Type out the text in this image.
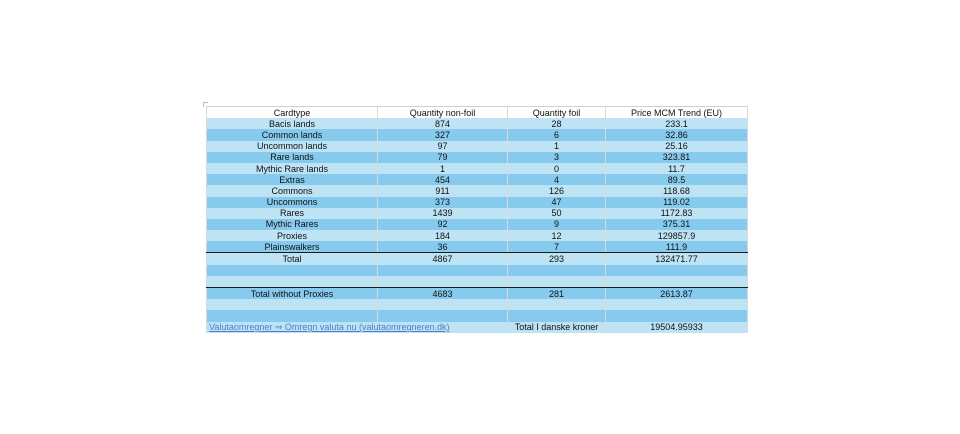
Cardtype	Quantity non-foil	Quantity foil	Price MCM Trend (EU)
Bacis lands	874	28	233.1
Common lands	327	6	32.86
Uncommon lands	97	1	25.16
Rare lands	79	3	323.81
Mythic Rare lands	1	0	11.7
Extras	454	4	89.5
Commons	911	126	118.68
Uncommons	373	47	119.02
Rares	1439	50	1172.83
Mythic Rares	92	9	375.31
Proxies	184	12	129857.9
Plainswalkers	36	7	111.9
Total	4867	293	132471.77

Total without Proxies	4683	281	2613.87

Valutaomregner ⇒ Omregn valuta nu (valutaomregneren.dk)		Total I danske kroner	19504.95933
